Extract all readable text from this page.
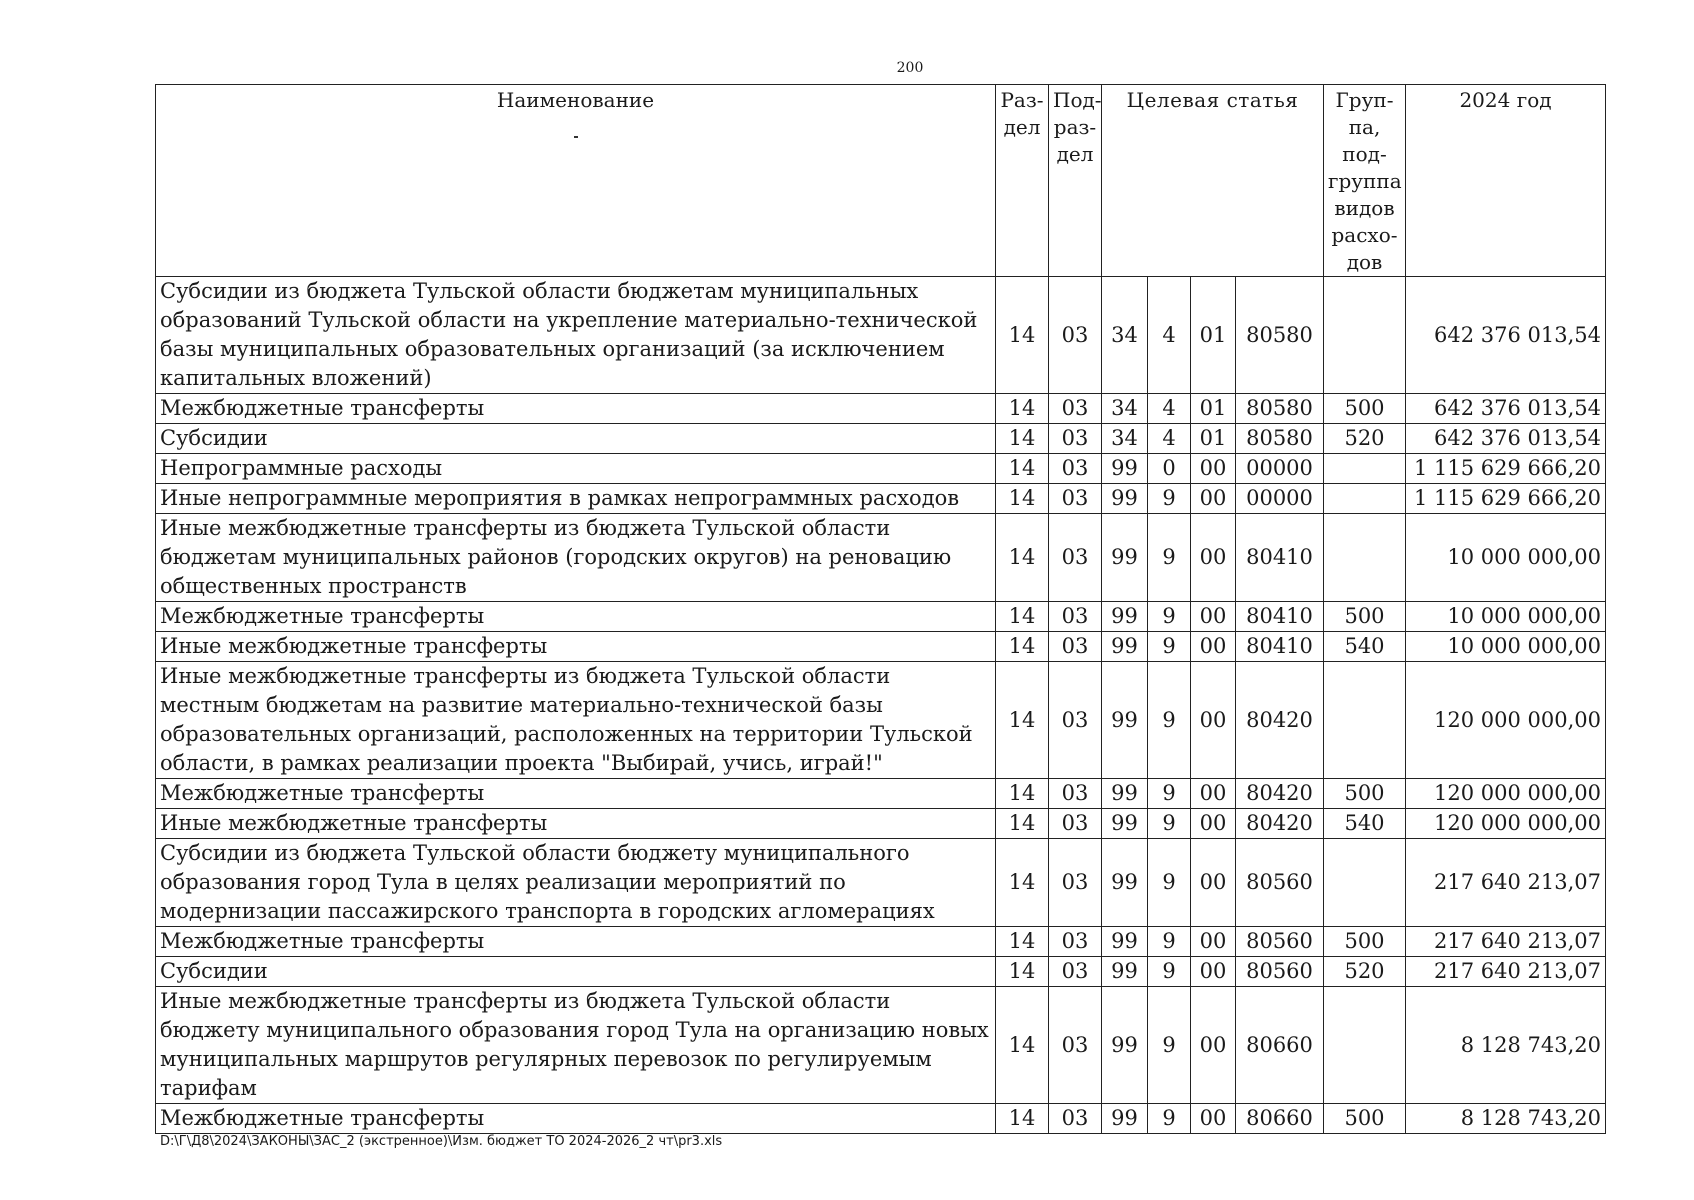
200
Наименование	Раз-дел	Под-раз-дел	Целевая статья				Груп-па, под-группа видов расхо-дов	2024 год
Субсидии из бюджета Тульской области бюджетам муниципальных образований Тульской области на укрепление материально-технической базы муниципальных образовательных организаций (за исключением капитальных вложений)	14	03	34	4	01	80580		642 376 013,54
Межбюджетные трансферты	14	03	34	4	01	80580	500	642 376 013,54
Субсидии	14	03	34	4	01	80580	520	642 376 013,54
Непрограммные расходы	14	03	99	0	00	00000		1 115 629 666,20
Иные непрограммные мероприятия в рамках непрограммных расходов	14	03	99	9	00	00000		1 115 629 666,20
Иные межбюджетные трансферты из бюджета Тульской области бюджетам муниципальных районов (городских округов) на реновацию общественных пространств	14	03	99	9	00	80410		10 000 000,00
Межбюджетные трансферты	14	03	99	9	00	80410	500	10 000 000,00
Иные межбюджетные трансферты	14	03	99	9	00	80410	540	10 000 000,00
Иные межбюджетные трансферты из бюджета Тульской области местным бюджетам на развитие материально-технической базы образовательных организаций, расположенных на территории Тульской области, в рамках реализации проекта "Выбирай, учись, играй!"	14	03	99	9	00	80420		120 000 000,00
Межбюджетные трансферты	14	03	99	9	00	80420	500	120 000 000,00
Иные межбюджетные трансферты	14	03	99	9	00	80420	540	120 000 000,00
Субсидии из бюджета Тульской области бюджету муниципального образования город Тула в целях реализации мероприятий по модернизации пассажирского транспорта в городских агломерациях	14	03	99	9	00	80560		217 640 213,07
Межбюджетные трансферты	14	03	99	9	00	80560	500	217 640 213,07
Субсидии	14	03	99	9	00	80560	520	217 640 213,07
Иные межбюджетные трансферты из бюджета Тульской области бюджету муниципального образования город Тула на организацию новых муниципальных маршрутов регулярных перевозок по регулируемым тарифам	14	03	99	9	00	80660		8 128 743,20
Межбюджетные трансферты	14	03	99	9	00	80660	500	8 128 743,20
D:\Г\Д8\2024\ЗАКОНЫ\ЗАС_2 (экстренное)\Изм. бюджет ТО 2024-2026_2 чт\pr3.xls
